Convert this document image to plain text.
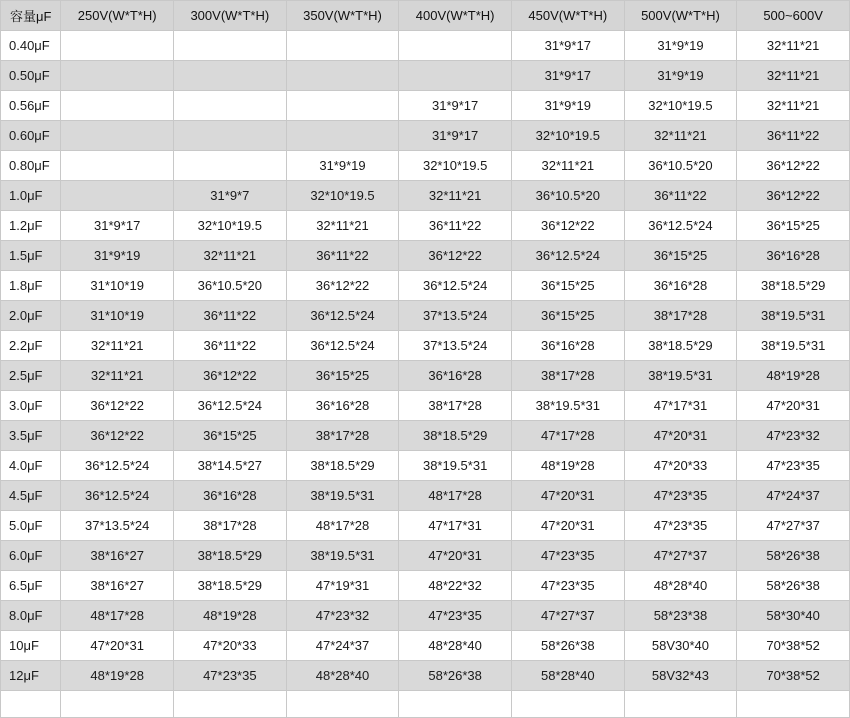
容量μF	250V(W*T*H)	300V(W*T*H)	350V(W*T*H)	400V(W*T*H)	450V(W*T*H)	500V(W*T*H)	500~600V
0.40μF					31*9*17	31*9*19	32*11*21
0.50μF					31*9*17	31*9*19	32*11*21
0.56μF				31*9*17	31*9*19	32*10*19.5	32*11*21
0.60μF				31*9*17	32*10*19.5	32*11*21	36*11*22
0.80μF			31*9*19	32*10*19.5	32*11*21	36*10.5*20	36*12*22
1.0μF		31*9*7	32*10*19.5	32*11*21	36*10.5*20	36*11*22	36*12*22
1.2μF	31*9*17	32*10*19.5	32*11*21	36*11*22	36*12*22	36*12.5*24	36*15*25
1.5μF	31*9*19	32*11*21	36*11*22	36*12*22	36*12.5*24	36*15*25	36*16*28
1.8μF	31*10*19	36*10.5*20	36*12*22	36*12.5*24	36*15*25	36*16*28	38*18.5*29
2.0μF	31*10*19	36*11*22	36*12.5*24	37*13.5*24	36*15*25	38*17*28	38*19.5*31
2.2μF	32*11*21	36*11*22	36*12.5*24	37*13.5*24	36*16*28	38*18.5*29	38*19.5*31
2.5μF	32*11*21	36*12*22	36*15*25	36*16*28	38*17*28	38*19.5*31	48*19*28
3.0μF	36*12*22	36*12.5*24	36*16*28	38*17*28	38*19.5*31	47*17*31	47*20*31
3.5μF	36*12*22	36*15*25	38*17*28	38*18.5*29	47*17*28	47*20*31	47*23*32
4.0μF	36*12.5*24	38*14.5*27	38*18.5*29	38*19.5*31	48*19*28	47*20*33	47*23*35
4.5μF	36*12.5*24	36*16*28	38*19.5*31	48*17*28	47*20*31	47*23*35	47*24*37
5.0μF	37*13.5*24	38*17*28	48*17*28	47*17*31	47*20*31	47*23*35	47*27*37
6.0μF	38*16*27	38*18.5*29	38*19.5*31	47*20*31	47*23*35	47*27*37	58*26*38
6.5μF	38*16*27	38*18.5*29	47*19*31	48*22*32	47*23*35	48*28*40	58*26*38
8.0μF	48*17*28	48*19*28	47*23*32	47*23*35	47*27*37	58*23*38	58*30*40
10μF	47*20*31	47*20*33	47*24*37	48*28*40	58*26*38	58V30*40	70*38*52
12μF	48*19*28	47*23*35	48*28*40	58*26*38	58*28*40	58V32*43	70*38*52
